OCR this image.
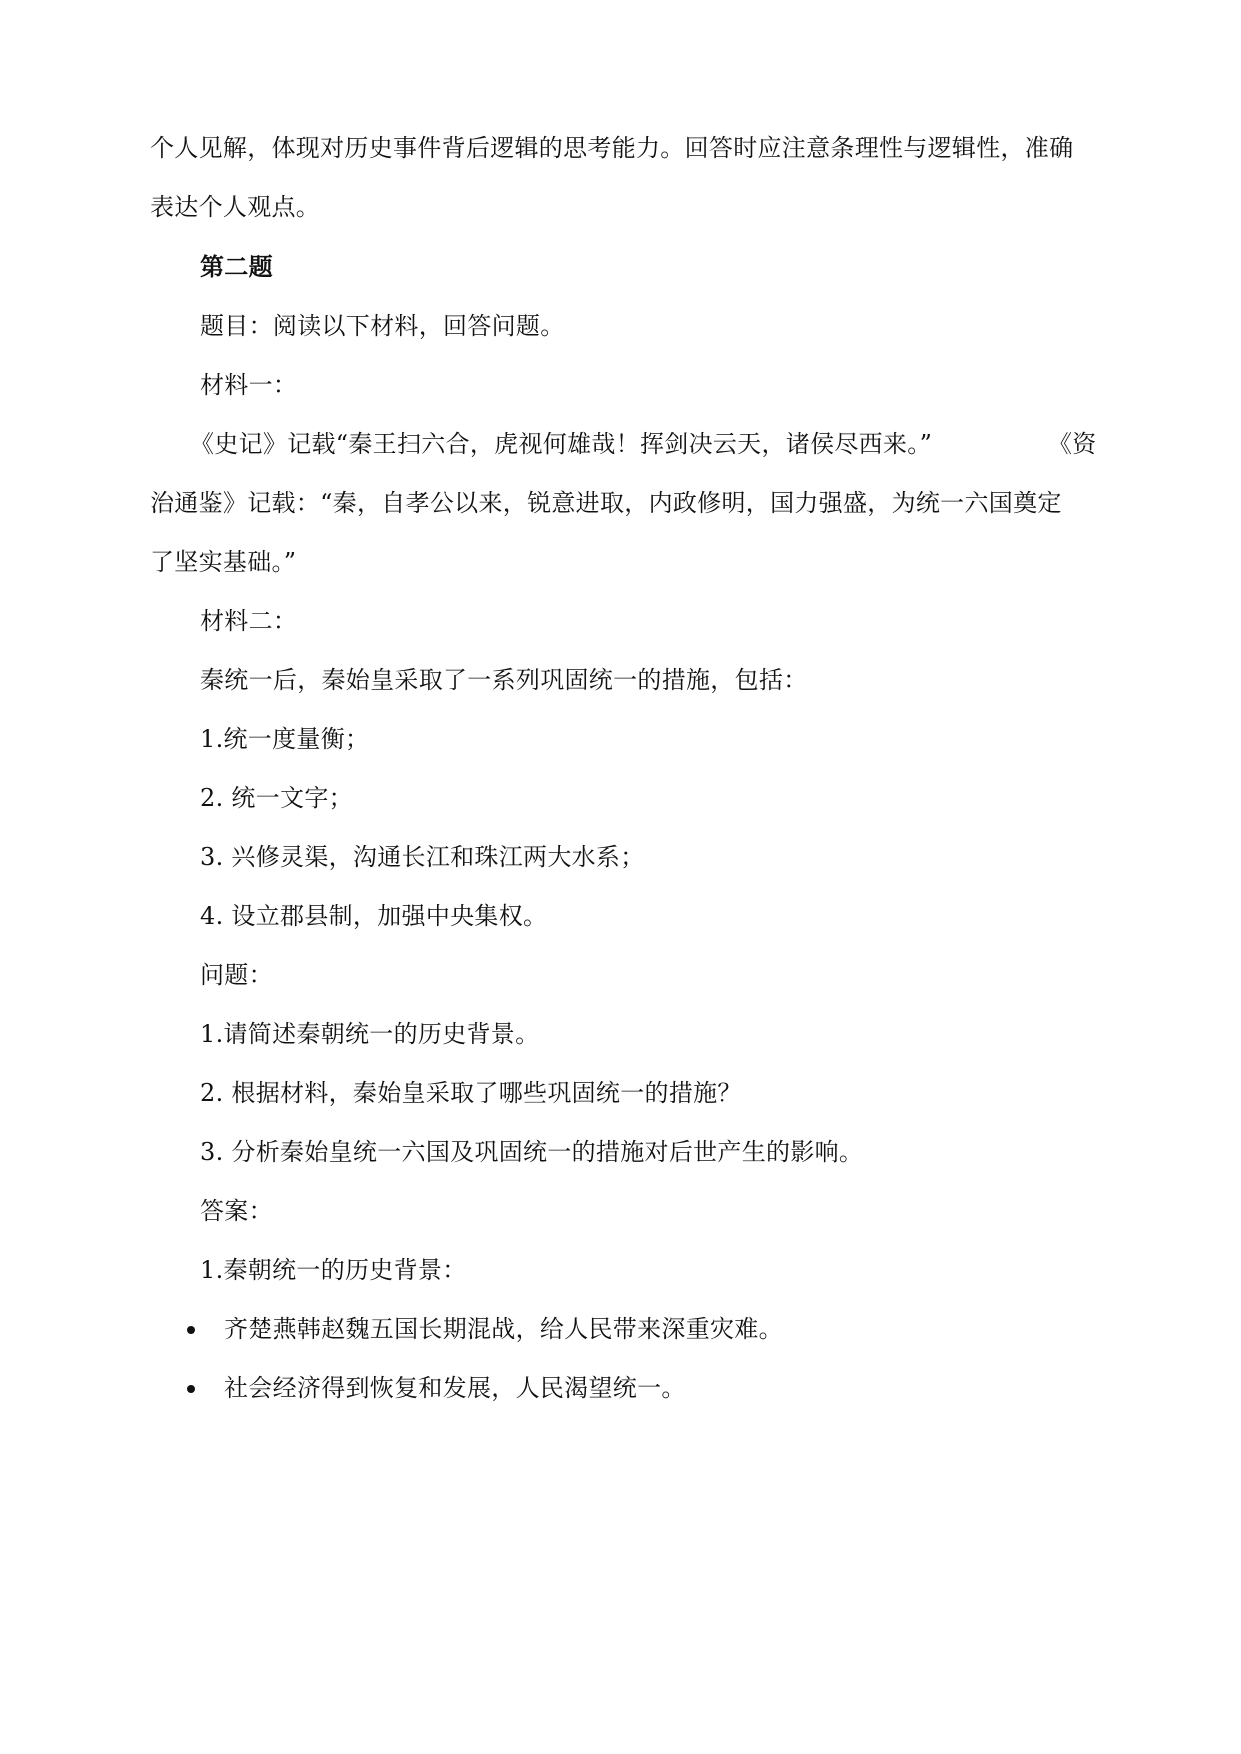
个人见解，体现对历史事件背后逻辑的思考能力。回答时应注意条理性与逻辑性，准确
表达个人观点。
第二题
题目：阅读以下材料，回答问题。
材料一：
《史记》记载“秦王扫六合，虎视何雄哉！挥剑决云天，诸侯尽西来。”	《资
治通鉴》记载：“秦，自孝公以来，锐意进取，内政修明，国力强盛，为统一六国奠定
了坚实基础。”
材料二：
秦统一后，秦始皇采取了一系列巩固统一的措施，包括：
1.统一度量衡；
2. 统一文字；
3. 兴修灵渠，沟通长江和珠江两大水系；
4. 设立郡县制，加强中央集权。
问题：
1.请简述秦朝统一的历史背景。
2. 根据材料，秦始皇采取了哪些巩固统一的措施？
3. 分析秦始皇统一六国及巩固统一的措施对后世产生的影响。
答案：
1.秦朝统一的历史背景：
齐楚燕韩赵魏五国长期混战，给人民带来深重灾难。
社会经济得到恢复和发展，人民渴望统一。
